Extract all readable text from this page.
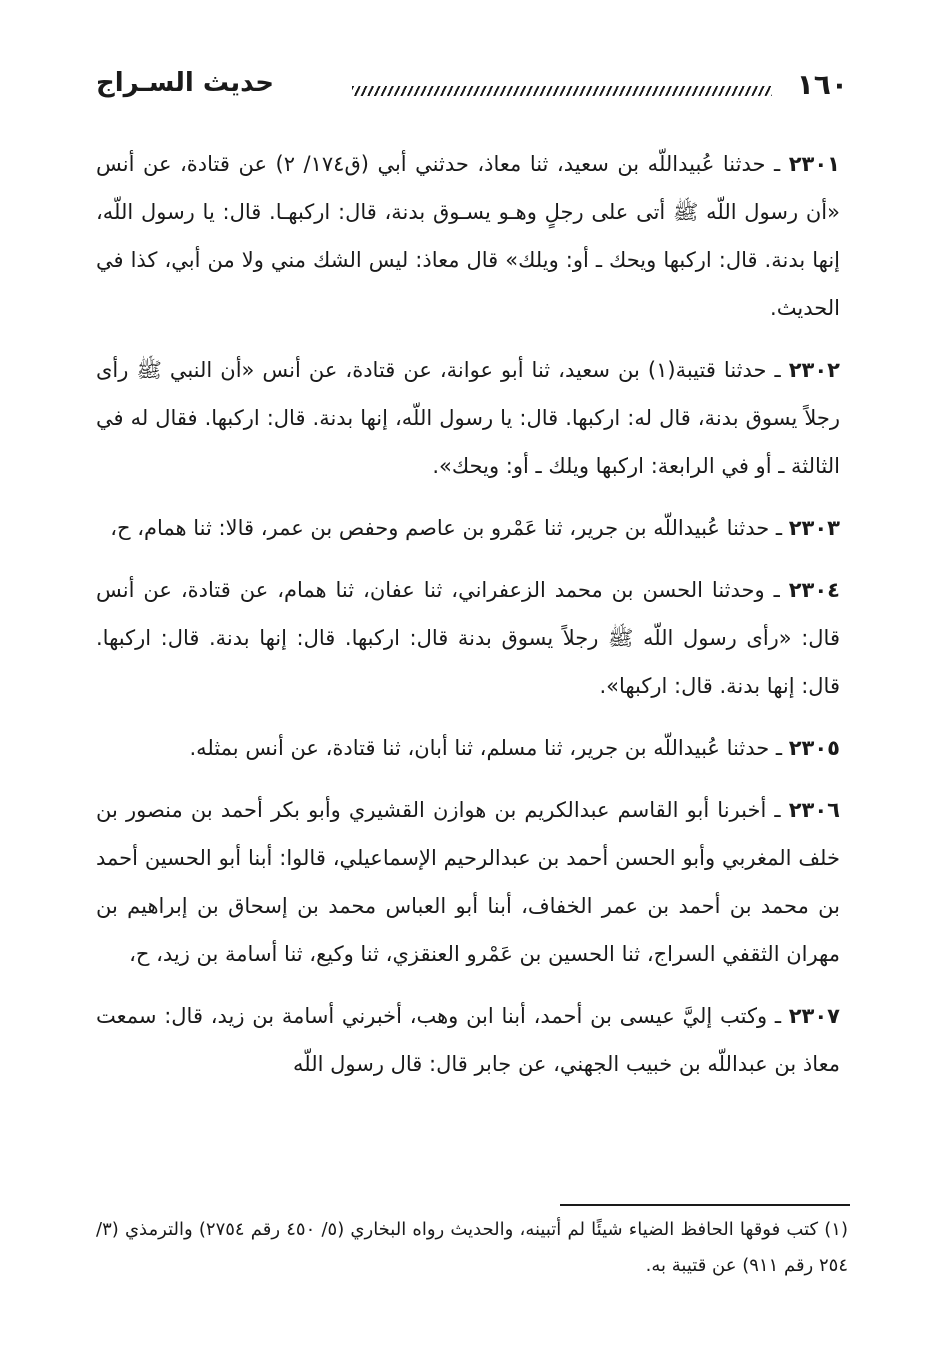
١٦٠
حديث السـراج

٢٣٠١ ـ حدثنا عُبيداللّه بن سعيد، ثنا معاذ، حدثني أبي (ق١٧٤/ ٢) عن قتادة، عن أنس «أن رسول اللّه ﷺ أتى على رجلٍ وهـو يسـوق بدنة، قال: اركبهـا. قال: يا رسول اللّه، إنها بدنة. قال: اركبها ويحك ـ أو: ويلك» قال معاذ: ليس الشك مني ولا من أبي، كذا في الحديث.

٢٣٠٢ ـ حدثنا قتيبة(١) بن سعيد، ثنا أبو عوانة، عن قتادة، عن أنس «أن النبي ﷺ رأى رجلاً يسوق بدنة، قال له: اركبها. قال: يا رسول اللّه، إنها بدنة. قال: اركبها. فقال له في الثالثة ـ أو في الرابعة: اركبها ويلك ـ أو: ويحك».

٢٣٠٣ ـ حدثنا عُبيداللّه بن جرير، ثنا عَمْرو بن عاصم وحفص بن عمر، قالا: ثنا همام، ح،

٢٣٠٤ ـ وحدثنا الحسن بن محمد الزعفراني، ثنا عفان، ثنا همام، عن قتادة، عن أنس قال: «رأى رسول اللّه ﷺ رجلاً يسوق بدنة قال: اركبها. قال: إنها بدنة. قال: اركبها. قال: إنها بدنة. قال: اركبها».

٢٣٠٥ ـ حدثنا عُبيداللّه بن جرير، ثنا مسلم، ثنا أبان، ثنا قتادة، عن أنس بمثله.

٢٣٠٦ ـ أخبرنا أبو القاسم عبدالكريم بن هوازن القشيري وأبو بكر أحمد بن منصور بن خلف المغربي وأبو الحسن أحمد بن عبدالرحيم الإسماعيلي، قالوا: أبنا أبو الحسين أحمد بن محمد بن أحمد بن عمر الخفاف، أبنا أبو العباس محمد بن إسحاق بن إبراهيم بن مهران الثقفي السراج، ثنا الحسين بن عَمْرو العنقزي، ثنا وكيع، ثنا أسامة بن زيد، ح،

٢٣٠٧ ـ وكتب إليَّ عيسى بن أحمد، أبنا ابن وهب، أخبرني أسامة بن زيد، قال: سمعت معاذ بن عبداللّه بن خبيب الجهني، عن جابر قال: قال رسول اللّه

(١) كتب فوقها الحافظ الضياء شيئًا لم أتبينه، والحديث رواه البخاري (٥/ ٤٥٠ رقم ٢٧٥٤) والترمذي (٣/ ٢٥٤ رقم ٩١١) عن قتيبة به.
